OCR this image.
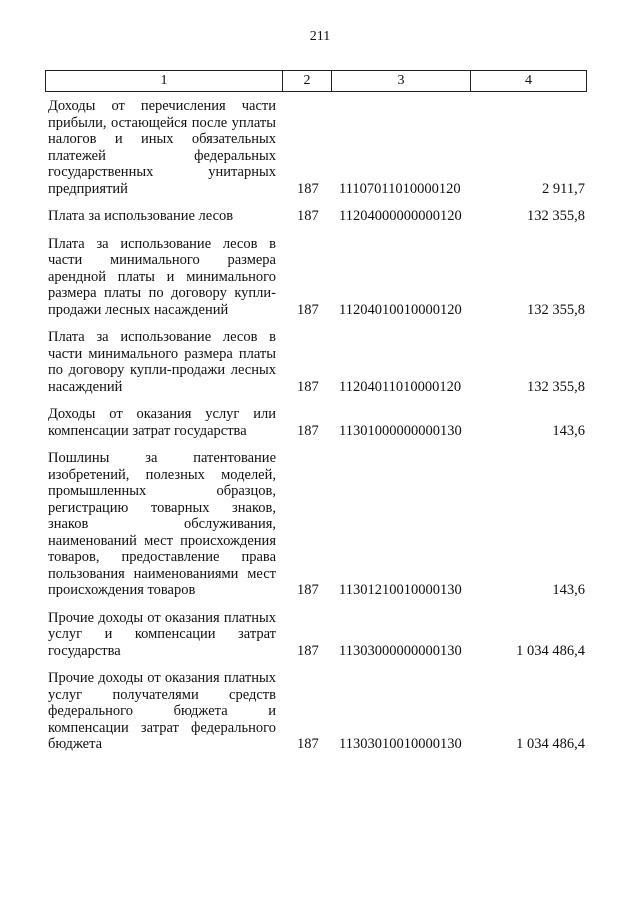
211
1	2	3	4
Доходы от перечисления части прибыли, остающейся после уплаты налогов и иных обязательных платежей федеральных государственных унитарных предприятий	187 11107011010000120	2 911,7
Плата за использование лесов	187 11204000000000120	132 355,8
Плата за использование лесов в части минимального размера арендной платы и минимального размера платы по договору купли-продажи лесных насаждений	187 11204010010000120	132 355,8
Плата за использование лесов в части минимального размера платы по договору купли-продажи лесных насаждений	187 11204011010000120	132 355,8
Доходы от оказания услуг или компенсации затрат государства	187 11301000000000130	143,6
Пошлины за патентование изобретений, полезных моделей, промышленных образцов, регистрацию товарных знаков, знаков обслуживания, наименований мест происхождения товаров, предоставление права пользования наименованиями мест происхождения товаров	187 11301210010000130	143,6
Прочие доходы от оказания платных услуг и компенсации затрат государства	187 11303000000000130	1 034 486,4
Прочие доходы от оказания платных услуг получателями средств федерального бюджета и компенсации затрат федерального бюджета	187 11303010010000130	1 034 486,4
